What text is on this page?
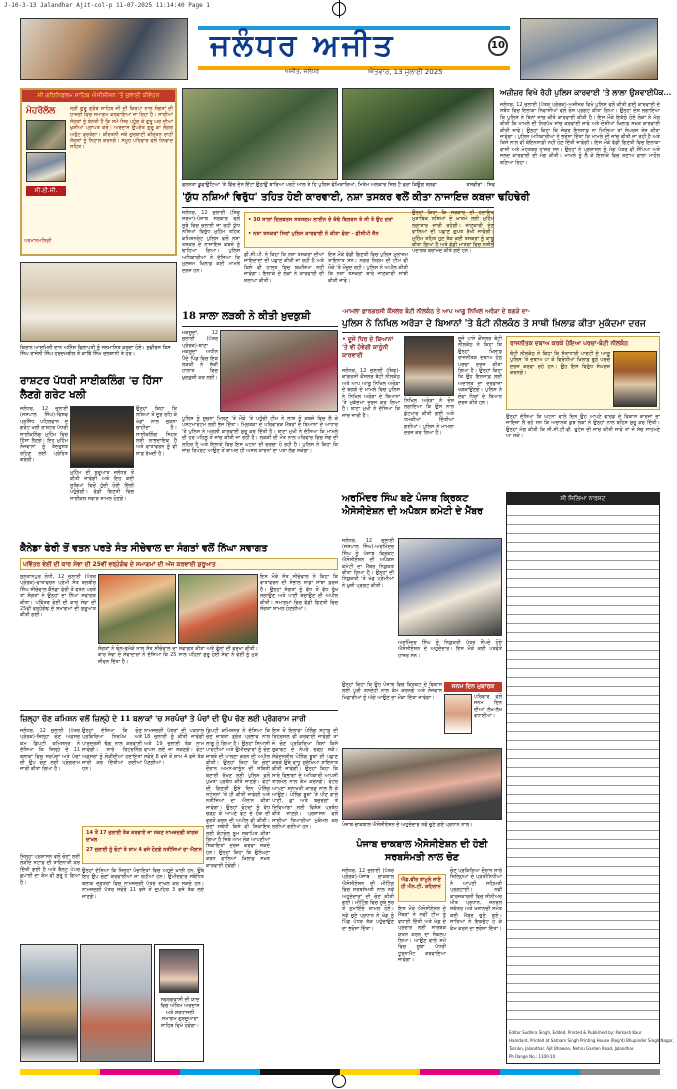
J-10-3-13 Jalandhar Ajit-col-p 11-07-2025 11:14:40 Page 1
ਜਲੰਧਰ ਅਜੀਤ
ਅਜੀਤ, ਜਲੰਧਰ	ਐਤਵਾਰ, 13 ਜੁਲਾਈ 2025
10
ਸੀ ਗਰਿਨਿਫਲਮ ਸਾਹਿਬ ਐਜੀਸੀਜ਼ਨ 'ਤੋਂ ਜੁਲਾਈ ਕੀਵੋਹਨ
ਮੇਹਰੋਲੱਲ
ਸੀ.ਈ.ਸੀ.
ਸ੍ਰੀ ਗੁਰੂ ਗ੍ਰੰਥ ਸਾਹਿਬ ਜੀ ਦੀ ਕਿਰਪਾ ਨਾਲ ਸੰਗਤਾਂ ਦੀ ਹਾਜ਼ਰੀ ਵਿਚ ਸਮਾਗਮ ਕਰਵਾਇਆ ਜਾ ਰਿਹਾ ਹੈ। ਸਾਰੀਆਂ ਸੰਗਤਾਂ ਨੂੰ ਬੇਨਤੀ ਹੈ ਕਿ ਸਮੇਂ ਸਿਰ ਪਹੁੰਚ ਕੇ ਗੁਰੂ ਘਰ ਦੀਆਂ ਖ਼ੁਸ਼ੀਆਂ ਪ੍ਰਾਪਤ ਕਰੋ। ਅਰਦਾਸ ਉਪਰੰਤ ਗੁਰੂ ਕਾ ਲੰਗਰ ਅਤੁੱਟ ਵਰਤੇਗਾ। ਕੀਰਤਨੀ ਜਥੇ ਗੁਰਬਾਣੀ ਕੀਰਤਨ ਰਾਹੀਂ ਸੰਗਤਾਂ ਨੂੰ ਨਿਹਾਲ ਕਰਨਗੇ। ਸਮੂਹ ਪਰਿਵਾਰ ਵਲੋਂ ਧੰਨਵਾਦ ਸਹਿਤ।
ਪਰਮਾਨਮਲਿਗੀ
ਫਲਨਤਾ ਡੂਫਾਉਂਟਿਆਂ 'ਤੇ ਵਿੱਚ ਦੇਨ ਇੱਟਾਂ ਉਠਾਉਂ ਬਾਰਿਆ ਪਰਟੋ ਆਲ ਤੇ ਹਿ ਪੁਲਿਸ ਫੇਮਿਕਾਰਿਆਂ, ਮਿਤੇਮ ਅਲਕਾਰ ਸ਼ਿਲ ਟੈ ਫਰਾ ਕਿਊਗ ਬਲਵਾ	ਤਸਵੀਰਾਂ : ਸ਼ਿਵ
'ਯੁੱਧ ਨਸ਼ਿਆਂ ਵਿਰੁੱਧ' ਤਹਿਤ ਹੋਈ ਕਾਰਵਾਈ, ਨਸ਼ਾ ਤਸਕਰ ਵਲੋਂ ਕੀਤਾ ਨਾਜਾਇਜ਼ ਕਬਜ਼ਾ ਢਹਿਢੇਰੀ
ਜਲੰਧਰ, 12 ਜੁਲਾਈ (ਸ਼ਿਵ ਸ਼ਰਮਾ)-ਪੰਜਾਬ ਸਰਕਾਰ ਵਲੋਂ ਸੂਬੇ ਵਿਚ ਚਲਾਈ ਜਾ ਰਹੀ ਯੁੱਧ ਨਸ਼ਿਆਂ ਵਿਰੁੱਧ ਮੁਹਿੰਮ ਤਹਿਤ ਕਮਿਸ਼ਨਰੇਟ ਪੁਲਿਸ ਵਲੋਂ ਨਸ਼ਾ ਤਸਕਰ ਦੇ ਨਾਜਾਇਜ਼ ਕਬਜ਼ੇ ਨੂੰ ਢਾਹਿਆ ਗਿਆ। ਪੁਲਿਸ ਅਧਿਕਾਰੀਆਂ ਨੇ ਦੱਸਿਆ ਕਿ ਮੁਲਜ਼ਮ ਖ਼ਿਲਾਫ਼ ਕਈ ਮਾਮਲੇ ਦਰਜ ਹਨ।
• 30 ਸਾਲਾਂ ਦਿਲਬਰਸ ਸਤਸਗਮ ਲਾਈਨ ਦੇ ਕੰਢੇ ਬਿਲਰਸ ਤੇ ਸੀ ਤੇ ਉਹ ਦਰਾਂ
• ਨਸ਼ਾ ਤਸਕਰਾਂ ਸਿਰਾਂ ਪੁਲਿਸ ਕਾਰਵਾਈ ਨੇ ਕੀਤਾ ਫੇਰਾ - ਡੀਸੀਪੀ ਜੈਨ
ਡੀ.ਸੀ.ਪੀ. ਨੇ ਕਿਹਾ ਕਿ ਨਸ਼ਾ ਤਸਕਰਾਂ ਦੀਆਂ ਜਾਇਦਾਦਾਂ ਦੀ ਪਛਾਣ ਕੀਤੀ ਜਾ ਰਹੀ ਹੈ ਅਤੇ ਕਿਸੇ ਵੀ ਹਾਲਤ ਵਿਚ ਬਖ਼ਸ਼ਿਆ ਨਹੀਂ ਜਾਵੇਗਾ। ਇਲਾਕੇ ਦੇ ਲੋਕਾਂ ਨੇ ਕਾਰਵਾਈ ਦੀ ਸ਼ਲਾਘਾ ਕੀਤੀ।
ਇਸ ਮੌਕੇ ਵੱਡੀ ਗਿਣਤੀ ਵਿਚ ਪੁਲਿਸ ਮੁਲਾਜ਼ਮ ਤਾਇਨਾਤ ਸਨ। ਨਗਰ ਨਿਗਮ ਦੀ ਟੀਮ ਵੀ ਮੌਕੇ 'ਤੇ ਮੌਜੂਦ ਰਹੀ। ਪੁਲਿਸ ਨੇ ਅਪੀਲ ਕੀਤੀ ਕਿ ਨਸ਼ਾ ਤਸਕਰਾਂ ਬਾਰੇ ਜਾਣਕਾਰੀ ਸਾਂਝੀ ਕੀਤੀ ਜਾਵੇ।
ਉਨ੍ਹਾਂ ਕਿਹਾ ਕਿ ਸਰਕਾਰ ਦੀ ਹਦਾਇਤ ਮੁਤਾਬਿਕ ਨਸ਼ਿਆਂ ਦੇ ਖ਼ਾਤਮੇ ਲਈ ਮੁਹਿੰਮ ਲਗਾਤਾਰ ਜਾਰੀ ਰਹੇਗੀ। ਜਾਣਕਾਰੀ ਦੇਣ ਵਾਲਿਆਂ ਦੀ ਪਛਾਣ ਗੁਪਤ ਰੱਖੀ ਜਾਵੇਗੀ। ਮੁਹਿੰਮ ਤਹਿਤ ਹੁਣ ਤੱਕ ਕਈ ਤਸਕਰਾਂ ਨੂੰ ਕਾਬੂ ਕੀਤਾ ਗਿਆ ਹੈ ਅਤੇ ਵੱਡੀ ਮਾਤਰਾ ਵਿਚ ਨਸ਼ੀਲੇ ਪਦਾਰਥ ਬਰਾਮਦ ਕੀਤੇ ਗਏ ਹਨ।
ਅਜ਼ੀਜ਼ਰ ਵਿਖੇ ਰੋਹੀ ਪੁਲਿਸ ਕਾਰਵਾਈ 'ਤੇ ਲਾਲਾ ਉਸ਼ਵਾਈਪੈਕ...
ਜਲੰਧਰ, 12 ਜੁਲਾਈ (ਪੱਤਰ ਪ੍ਰੇਰਕ)-ਅਜ਼ੀਜ਼ਰ ਵਿਖੇ ਪੁਲਿਸ ਵਲੋਂ ਕੀਤੀ ਗਈ ਕਾਰਵਾਈ ਦੇ ਸਬੰਧ ਵਿਚ ਇਲਾਕਾ ਨਿਵਾਸੀਆਂ ਵਲੋਂ ਰੋਸ ਪ੍ਰਗਟ ਕੀਤਾ ਗਿਆ। ਉਨ੍ਹਾਂ ਦੋਸ਼ ਲਗਾਇਆ ਕਿ ਪੁਲਿਸ ਨੇ ਬਿਨਾਂ ਜਾਂਚ ਕੀਤੇ ਕਾਰਵਾਈ ਕੀਤੀ ਹੈ। ਇਸ ਮੌਕੇ ਇਕੱਠੇ ਹੋਏ ਲੋਕਾਂ ਨੇ ਮੰਗ ਕੀਤੀ ਕਿ ਮਾਮਲੇ ਦੀ ਨਿਰਪੱਖ ਜਾਂਚ ਕਰਵਾਈ ਜਾਵੇ ਅਤੇ ਦੋਸ਼ੀਆਂ ਖ਼ਿਲਾਫ਼ ਸਖ਼ਤ ਕਾਰਵਾਈ ਕੀਤੀ ਜਾਵੇ। ਉਨ੍ਹਾਂ ਕਿਹਾ ਕਿ ਜੇਕਰ ਇਨਸਾਫ਼ ਨਾ ਮਿਲਿਆ ਤਾਂ ਸੰਘਰਸ਼ ਤੇਜ਼ ਕੀਤਾ ਜਾਵੇਗਾ। ਪੁਲਿਸ ਅਧਿਕਾਰੀਆਂ ਨੇ ਭਰੋਸਾ ਦਿੱਤਾ ਕਿ ਮਾਮਲੇ ਦੀ ਜਾਂਚ ਕੀਤੀ ਜਾ ਰਹੀ ਹੈ ਅਤੇ ਕਿਸੇ ਨਾਲ ਵੀ ਬੇਇਨਸਾਫ਼ੀ ਨਹੀਂ ਹੋਣ ਦਿੱਤੀ ਜਾਵੇਗੀ। ਇਸ ਮੌਕੇ ਵੱਡੀ ਗਿਣਤੀ ਵਿਚ ਇਲਾਕਾ ਵਾਸੀ ਅਤੇ ਮੋਹਤਬਰ ਹਾਜ਼ਰ ਸਨ। ਉਨ੍ਹਾਂ ਨੇ ਪ੍ਰਸ਼ਾਸਨ ਨੂੰ ਮੰਗ ਪੱਤਰ ਵੀ ਸੌਂਪਿਆ ਅਤੇ ਜਲਦ ਕਾਰਵਾਈ ਦੀ ਮੰਗ ਕੀਤੀ। ਮਾਮਲੇ ਨੂੰ ਲੈ ਕੇ ਇਲਾਕੇ ਵਿਚ ਤਣਾਅ ਵਾਲਾ ਮਾਹੌਲ ਬਣਿਆ ਰਿਹਾ।
ਕਿਰਾਨ ਆਦਮਿਨੀ ਦਾਨ ਅਨਿੰਸ ਫਿਲਾਪਤੀ ਨੂੰ ਸਨਮਾਨਿਤ ਕਰਦਾ ਹੋਏ। ਸੁਵੀਰਸ ਤਿਸ ਸਿੰਘ ਰਾਜੇਨੀ ਸਿੰਘ ਹਰਦਮਬੀਲ ਤੋਂ ਕਾਬਿੰ ਸਿੰਘ ਦਲਸ਼ਾਨੀ ਤੇ ਹੋਰ।
ਰਾਸ਼ਟਰ ਪੱਧਰੀ ਸਾਈਕਲਿੰਗ 'ਚ ਹਿੱਸਾ ਲੈਣਗੇ ਗਰੇਟ ਖਲੀ
ਜਲੰਧਰ, 12 ਜੁਲਾਈ (ਜਸਪਾਲ ਸਿੰਘ)-ਵਿਸ਼ਵ ਪ੍ਰਸਿੱਧ ਪਹਿਲਵਾਨ ਦ ਗਰੇਟ ਖਲੀ ਰਾਸ਼ਟਰ ਪੱਧਰੀ ਸਾਈਕਲਿੰਗ ਮੁਹਿੰਮ ਵਿਚ ਹਿੱਸਾ ਲੈਣਗੇ। ਇਹ ਮੁਹਿੰਮ ਨੌਜਵਾਨਾਂ ਨੂੰ ਤੰਦਰੁਸਤ ਰਹਿਣ ਲਈ ਪ੍ਰੇਰਿਤ ਕਰੇਗੀ।
ਉਨ੍ਹਾਂ ਕਿਹਾ ਕਿ ਨਸ਼ਿਆਂ ਤੋਂ ਦੂਰ ਰਹਿ ਕੇ ਖੇਡਾਂ ਨਾਲ ਜੁੜਨਾ ਚਾਹੀਦਾ ਹੈ। ਸਾਈਕਲਿੰਗ ਸਿਹਤ ਲਈ ਲਾਭਦਾਇਕ ਹੈ ਅਤੇ ਵਾਤਾਵਰਨ ਨੂੰ ਵੀ ਸਾਫ਼ ਰੱਖਦੀ ਹੈ।
ਮੁਹਿੰਮ ਦੀ ਸ਼ੁਰੂਆਤ ਜਲੰਧਰ ਤੋਂ ਕੀਤੀ ਜਾਵੇਗੀ ਅਤੇ ਇਹ ਕਈ ਸੂਬਿਆਂ ਵਿਚੋਂ ਹੁੰਦੀ ਹੋਈ ਦਿੱਲੀ ਪਹੁੰਚੇਗੀ। ਵੱਡੀ ਗਿਣਤੀ ਵਿਚ ਸਾਈਕਲ ਸਵਾਰ ਸ਼ਾਮਲ ਹੋਣਗੇ।
18 ਸਾਲਾ ਲੜਕੀ ਨੇ ਕੀਤੀ ਖ਼ੁਦਕੁਸ਼ੀ
ਮਕਸੂਦਾਂ, 12 ਜੁਲਾਈ (ਪੱਤਰ ਪ੍ਰੇਰਕ)-ਥਾਣਾ ਮਕਸੂਦਾਂ ਅਧੀਨ ਪੈਂਦੇ ਪਿੰਡ ਵਿਚ ਇਕ ਲੜਕੀ ਨੇ ਸ਼ੱਕੀ ਹਾਲਾਤ ਵਿਚ ਖ਼ੁਦਕੁਸ਼ੀ ਕਰ ਲਈ।
ਪੁਲਿਸ ਨੂੰ ਸੂਚਨਾ ਮਿਲਣ 'ਤੇ ਮੌਕੇ 'ਤੇ ਪਹੁੰਚੀ ਟੀਮ ਨੇ ਲਾਸ਼ ਨੂੰ ਕਬਜ਼ੇ ਵਿਚ ਲੈ ਕੇ ਪੋਸਟਮਾਰਟਮ ਲਈ ਭੇਜ ਦਿੱਤਾ। ਮ੍ਰਿਤਕਾ ਦੇ ਪਰਿਵਾਰਕ ਮੈਂਬਰਾਂ ਦੇ ਬਿਆਨਾਂ ਦੇ ਆਧਾਰ 'ਤੇ ਪੁਲਿਸ ਨੇ ਅਗਲੀ ਕਾਰਵਾਈ ਸ਼ੁਰੂ ਕਰ ਦਿੱਤੀ ਹੈ। ਥਾਣਾ ਮੁਖੀ ਨੇ ਦੱਸਿਆ ਕਿ ਮਾਮਲੇ ਦੀ ਹਰ ਪਹਿਲੂ ਤੋਂ ਜਾਂਚ ਕੀਤੀ ਜਾ ਰਹੀ ਹੈ। ਲੜਕੀ ਦੀ ਮੌਤ ਨਾਲ ਪਰਿਵਾਰ ਵਿਚ ਸੋਗ ਦੀ ਲਹਿਰ ਹੈ ਅਤੇ ਇਲਾਕੇ ਵਿਚ ਇਸ ਘਟਨਾ ਦੀ ਚਰਚਾ ਹੋ ਰਹੀ ਹੈ। ਪੁਲਿਸ ਨੇ ਕਿਹਾ ਕਿ ਜਾਂਚ ਰਿਪੋਰਟ ਆਉਣ ਤੋਂ ਬਾਅਦ ਹੀ ਅਸਲ ਕਾਰਨਾਂ ਦਾ ਪਤਾ ਲੱਗ ਸਕੇਗਾ।
-ਮਾਮਲਾ ਫ਼ਾਰਗਰਸੀ ਕੌਂਸਲਰ ਬੰਟੀ ਨੀਲਕੰਠ ਤੇ ਆਪ ਆਗੂ ਨਿਖਿਲ ਅਰੋੜਾ ਦੇ ਝਗੜੇ ਦਾ-
ਪੁਲਿਸ ਨੇ ਨਿਖਿਲ ਅਰੋੜਾ ਦੇ ਬਿਆਨਾਂ 'ਤੇ ਬੰਟੀ ਨੀਲਕੰਠ ਤੇ ਸਾਥੀ ਖ਼ਿਲਾਫ਼ ਕੀਤਾ ਮੁਕੱਦਮਾ ਦਰਜ
• ਦੂਜੇ ਧਿਰ ਦੇ ਬਿਆਨਾਂ 'ਤੇ ਵੀ ਹੋਵੇਗੀ ਕਾਨੂੰਨੀ ਕਾਰਵਾਈ
ਜਲੰਧਰ, 12 ਜੁਲਾਈ (ਸ਼ਿਵ)-ਕਾਂਗਰਸੀ ਕੌਂਸਲਰ ਬੰਟੀ ਨੀਲਕੰਠ ਅਤੇ ਆਪ ਆਗੂ ਨਿਖਿਲ ਅਰੋੜਾ ਦੇ ਝਗੜੇ ਦੇ ਮਾਮਲੇ ਵਿਚ ਪੁਲਿਸ ਨੇ ਨਿਖਿਲ ਅਰੋੜਾ ਦੇ ਬਿਆਨਾਂ 'ਤੇ ਮੁਕੱਦਮਾ ਦਰਜ ਕਰ ਲਿਆ ਹੈ। ਥਾਣਾ ਮੁਖੀ ਨੇ ਦੱਸਿਆ ਕਿ ਜਾਂਚ ਜਾਰੀ ਹੈ।
ਨਿਖਿਲ ਅਰੋੜਾ ਨੇ ਦੋਸ਼ ਲਗਾਇਆ ਕਿ ਉਸ ਨਾਲ ਕੁੱਟਮਾਰ ਕੀਤੀ ਗਈ ਅਤੇ ਧਮਕੀਆਂ ਦਿੱਤੀਆਂ ਗਈਆਂ। ਪੁਲਿਸ ਨੇ ਮਾਮਲਾ ਦਰਜ ਕਰ ਲਿਆ ਹੈ।
ਦੂਜੇ ਪਾਸੇ ਕੌਂਸਲਰ ਬੰਟੀ ਨੀਲਕੰਠ ਨੇ ਕਿਹਾ ਕਿ ਉਨ੍ਹਾਂ ਖ਼ਿਲਾਫ਼ ਰਾਜਨੀਤਕ ਦਬਾਅ ਹੇਠ ਪਰਚਾ ਦਰਜ ਕੀਤਾ ਗਿਆ ਹੈ। ਉਨ੍ਹਾਂ ਕਿਹਾ ਕਿ ਉਹ ਇਨਸਾਫ਼ ਲਈ ਅਦਾਲਤ ਦਾ ਦਰਵਾਜ਼ਾ ਖੜਕਾਉਣਗੇ। ਪੁਲਿਸ ਨੇ ਦੋਵਾਂ ਧਿਰਾਂ ਦੇ ਬਿਆਨ ਦਰਜ ਕੀਤੇ ਹਨ।
ਰਾਜਨੀਤਕ ਦਬਾਅ ਕਰਕੇ ਹੋਇਆ ਪਰਚਾ-ਬੰਟੀ ਨੀਲਕੰਠ
ਬੰਟੀ ਨੀਲਕੰਠ ਨੇ ਕਿਹਾ ਕਿ ਸੱਤਾਧਾਰੀ ਪਾਰਟੀ ਦੇ ਆਗੂ ਪੁਲਿਸ 'ਤੇ ਦਬਾਅ ਪਾ ਕੇ ਵਿਰੋਧੀਆਂ ਖ਼ਿਲਾਫ਼ ਝੂਠੇ ਪਰਚੇ ਦਰਜ ਕਰਵਾ ਰਹੇ ਹਨ। ਉਹ ਇਸ ਵਿਰੁੱਧ ਸੰਘਰਸ਼ ਕਰਨਗੇ।
ਉਨ੍ਹਾਂ ਦੱਸਿਆ ਕਿ ਘਟਨਾ ਵਾਲੇ ਦਿਨ ਉਹ ਆਪਣੇ ਵਾਰਡ ਦੇ ਵਿਕਾਸ ਕਾਰਜਾਂ ਦਾ ਜਾਇਜ਼ਾ ਲੈ ਰਹੇ ਸਨ ਕਿ ਅਚਾਨਕ ਕੁਝ ਲੋਕਾਂ ਨੇ ਉਨ੍ਹਾਂ ਨਾਲ ਬਹਿਸ ਸ਼ੁਰੂ ਕਰ ਦਿੱਤੀ। ਉਨ੍ਹਾਂ ਮੰਗ ਕੀਤੀ ਕਿ ਸੀ.ਸੀ.ਟੀ.ਵੀ. ਫੁਟੇਜ ਦੀ ਜਾਂਚ ਕੀਤੀ ਜਾਵੇ ਤਾਂ ਜੋ ਸੱਚ ਸਾਹਮਣੇ ਆ ਸਕੇ।
ਅਰਮਿੰਦਰ ਸਿੰਘ ਬਣੇ ਪੰਜਾਬ ਕ੍ਰਿਕਟ ਐਸੋਸੀਏਸ਼ਨ ਦੀ ਅਪੈਕਸ ਕਮੇਟੀ ਦੇ ਮੈਂਬਰ
ਜਲੰਧਰ, 12 ਜੁਲਾਈ (ਜਸਪਾਲ ਸਿੰਘ)-ਅਰਮਿੰਦਰ ਸਿੰਘ ਨੂੰ ਪੰਜਾਬ ਕ੍ਰਿਕਟ ਐਸੋਸੀਏਸ਼ਨ ਦੀ ਅਪੈਕਸ ਕਮੇਟੀ ਦਾ ਮੈਂਬਰ ਨਿਯੁਕਤ ਕੀਤਾ ਗਿਆ ਹੈ। ਉਨ੍ਹਾਂ ਦੀ ਨਿਯੁਕਤੀ 'ਤੇ ਖੇਡ ਪ੍ਰੇਮੀਆਂ ਨੇ ਖ਼ੁਸ਼ੀ ਪ੍ਰਗਟ ਕੀਤੀ।
ਅਰਮਿੰਦਰ ਸਿੰਘ ਨੂੰ ਨਿਯੁਕਤੀ ਪੱਤਰ ਸੌਂਪਦੇ ਹੋਏ ਐਸੋਸੀਏਸ਼ਨ ਦੇ ਅਹੁਦੇਦਾਰ। ਇਸ ਮੌਕੇ ਕਈ ਪਤਵੰਤੇ ਹਾਜ਼ਰ ਸਨ।
ਉਨ੍ਹਾਂ ਕਿਹਾ ਕਿ ਉਹ ਪੰਜਾਬ ਵਿਚ ਕ੍ਰਿਕਟ ਦੇ ਵਿਕਾਸ ਲਈ ਪੂਰੀ ਤਨਦੇਹੀ ਨਾਲ ਕੰਮ ਕਰਨਗੇ ਅਤੇ ਨੌਜਵਾਨ ਖਿਡਾਰੀਆਂ ਨੂੰ ਅੱਗੇ ਆਉਣ ਦਾ ਮੌਕਾ ਦਿੱਤਾ ਜਾਵੇਗਾ।
ਜਨਮ ਦਿਨ ਮੁਬਾਰਕ
ਪਰਿਵਾਰ ਵਲੋਂ ਜਨਮ ਦਿਨ ਦੀਆਂ ਲੱਖ-ਲੱਖ ਵਧਾਈਆਂ।
ਪੰਜਾਬ ਚਾਕਬਾਲ ਐਸੋਸੀਏਸ਼ਨ ਦੇ ਅਹੁਦੇਦਾਰ ਨਵੇਂ ਚੁਣੇ ਗਏ ਪ੍ਰਧਾਨ ਨਾਲ।
ਪੰਜਾਬ ਚਾਕਬਾਲ ਐਸੋਸੀਏਸ਼ਨ ਦੀ ਹੋਈ ਸਰਬਸੰਮਤੀ ਨਾਲ ਚੋਣ
ਜਲੰਧਰ, 12 ਜੁਲਾਈ (ਪੱਤਰ ਪ੍ਰੇਰਕ)-ਪੰਜਾਬ ਚਾਕਬਾਲ ਐਸੋਸੀਏਸ਼ਨ ਦੀ ਮੀਟਿੰਗ ਵਿਚ ਸਰਬਸੰਮਤੀ ਨਾਲ ਨਵੇਂ ਅਹੁਦੇਦਾਰਾਂ ਦੀ ਚੋਣ ਕੀਤੀ ਗਈ। ਮੀਟਿੰਗ ਵਿਚ ਸੂਬੇ ਭਰ ਤੋਂ ਨੁਮਾਇੰਦੇ ਸ਼ਾਮਲ ਹੋਏ। ਨਵੇਂ ਚੁਣੇ ਪ੍ਰਧਾਨ ਨੇ ਖੇਡ ਨੂੰ ਪਿੰਡ ਪੱਧਰ ਤੱਕ ਪਹੁੰਚਾਉਣ ਦਾ ਭਰੋਸਾ ਦਿੱਤਾ।
ਐਡ.ਵੀਰ ਤਾਮੂਲੇ ਜਾਣੇ ਹੀ ਐਨ.ਟੀ. ਸ਼ਹਿਰਾਨ
ਇਸ ਮੌਕੇ ਐਸੋਸੀਏਸ਼ਨ ਦੇ ਮੈਂਬਰਾਂ ਨੇ ਨਵੀਂ ਟੀਮ ਨੂੰ ਵਧਾਈ ਦਿੱਤੀ ਅਤੇ ਖੇਡ ਦੇ ਪ੍ਰਚਾਰ ਲਈ ਸਾਰਥਕ ਯਤਨ ਕਰਨ ਦਾ ਸੰਕਲਪ ਲਿਆ। ਆਉਣ ਵਾਲੇ ਸਮੇਂ ਵਿਚ ਸੂਬਾ ਪੱਧਰੀ ਟੂਰਨਾਮੈਂਟ ਕਰਵਾਇਆ ਜਾਵੇਗਾ।
ਚੋਣ ਪ੍ਰਕਿਰਿਆ ਦੌਰਾਨ ਸਾਰੇ ਜ਼ਿਲ੍ਹਿਆਂ ਦੇ ਪ੍ਰਤੀਨਿਧੀਆਂ ਨੇ ਆਪਣੀ ਸਹਿਮਤੀ ਪ੍ਰਗਟਾਈ। ਨਵੀਂ ਕਾਰਜਕਾਰਨੀ ਵਿਚ ਸੀਨੀਅਰ ਮੀਤ ਪ੍ਰਧਾਨ, ਜਨਰਲ ਸਕੱਤਰ ਅਤੇ ਖ਼ਜ਼ਾਨਚੀ ਸਮੇਤ ਕਈ ਮੈਂਬਰ ਚੁਣੇ ਗਏ। ਸਾਰਿਆਂ ਨੇ ਇਕਜੁੱਟ ਹੋ ਕੇ ਕੰਮ ਕਰਨ ਦਾ ਭਰੋਸਾ ਦਿੱਤਾ।
ਸੀ ਜਿਲ਼ਿਆ ਨਾਰਸਟ
Editor Sudhira Singh, Edited, Printed & Published by: Parkash Kaur
Hamdard, Printed at Satnam Singh Printing House (Reg'd) Bhupinder Singh Nagar,
Tulsian, Jalandhar. Ajit Bhawan, Nehru Garden Road, Jalandhar.
Ph Range No.: 1100-10
ਕੈਨੇਡਾ ਫੇਰੀ ਤੋਂ ਵਤਨ ਪਰਤੇ ਸੰਤ ਸੀਚੇਵਾਲ ਦਾ ਸੰਗਤਾਂ ਵਲੋਂ ਨਿੱਘਾ ਸਵਾਗਤ
ਪਵਿੱਤਰ ਵੇਈਂ ਦੀ ਕਾਰ ਸੇਵਾ ਦੀ 25ਵੀਂ ਵਰ੍ਹੇਗੰਢ ਦੇ ਸਮਾਗਮਾਂ ਦੀ ਅੱਜ ਕਰਵਾਈ ਸ਼ੁਰੂਆਤ
ਸੁਲਤਾਨਪੁਰ ਲੋਧੀ, 12 ਜੁਲਾਈ (ਪੱਤਰ ਪ੍ਰੇਰਕ)-ਵਾਤਾਵਰਨ ਪ੍ਰੇਮੀ ਸੰਤ ਬਲਬੀਰ ਸਿੰਘ ਸੀਚੇਵਾਲ ਕੈਨੇਡਾ ਫੇਰੀ ਤੋਂ ਵਤਨ ਪਰਤੇ ਤਾਂ ਸੰਗਤਾਂ ਨੇ ਉਨ੍ਹਾਂ ਦਾ ਨਿੱਘਾ ਸਵਾਗਤ ਕੀਤਾ। ਪਵਿੱਤਰ ਵੇਈਂ ਦੀ ਕਾਰ ਸੇਵਾ ਦੀ 25ਵੀਂ ਵਰ੍ਹੇਗੰਢ ਦੇ ਸਮਾਗਮਾਂ ਦੀ ਸ਼ੁਰੂਆਤ ਕੀਤੀ ਗਈ।
ਇਸ ਮੌਕੇ ਸੰਤ ਸੀਚੇਵਾਲ ਨੇ ਕਿਹਾ ਕਿ ਵਾਤਾਵਰਨ ਦੀ ਸੰਭਾਲ ਸਾਡਾ ਸਾਂਝਾ ਫ਼ਰਜ਼ ਹੈ। ਉਨ੍ਹਾਂ ਸੰਗਤਾਂ ਨੂੰ ਵੱਧ ਤੋਂ ਵੱਧ ਰੁੱਖ ਲਗਾਉਣ ਅਤੇ ਪਾਣੀ ਬਚਾਉਣ ਦੀ ਅਪੀਲ ਕੀਤੀ। ਸਮਾਗਮਾਂ ਵਿਚ ਵੱਡੀ ਗਿਣਤੀ ਵਿਚ ਸੰਗਤਾਂ ਸ਼ਾਮਲ ਹੋਣਗੀਆਂ।
ਸੰਗਤਾਂ ਨੇ ਢੋਲ-ਢਮੱਕੇ ਨਾਲ ਸੰਤ ਸੀਚੇਵਾਲ ਦਾ ਸਵਾਗਤ ਕੀਤਾ ਅਤੇ ਫੁੱਲਾਂ ਦੀ ਵਰਖਾ ਕੀਤੀ। ਕਾਰ ਸੇਵਾ ਦੇ ਸੇਵਾਦਾਰਾਂ ਨੇ ਦੱਸਿਆ ਕਿ 25 ਸਾਲ ਪਹਿਲਾਂ ਸ਼ੁਰੂ ਹੋਈ ਸੇਵਾ ਨੇ ਵੇਈਂ ਨੂੰ ਮੁੜ ਜੀਵਨ ਦਿੱਤਾ ਹੈ।
ਜ਼ਿਲ੍ਹਾ ਚੋਣ ਕਮਿਸ਼ਨ ਵਲੋਂ ਜ਼ਿਲ੍ਹੇ ਦੇ 11 ਬਲਾਕਾਂ 'ਚ ਸਰਪੰਚਾਂ ਤੇ ਪੰਚਾਂ ਦੀ ਉਪ ਚੋਣ ਲਈ ਪ੍ਰੋਗਰਾਮ ਜਾਰੀ
ਜਲੰਧਰ, 12 ਜੁਲਾਈ (ਪੱਤਰ ਪ੍ਰੇਰਕ)-ਜ਼ਿਲ੍ਹਾ ਚੋਣ ਅਫ਼ਸਰ ਕਮ ਡਿਪਟੀ ਕਮਿਸ਼ਨਰ ਨੇ ਦੱਸਿਆ ਕਿ ਜ਼ਿਲ੍ਹੇ ਦੇ 11 ਬਲਾਕਾਂ ਵਿਚ ਸਰਪੰਚਾਂ ਅਤੇ ਪੰਚਾਂ ਦੀ ਉਪ ਚੋਣ ਲਈ ਪ੍ਰੋਗਰਾਮ ਜਾਰੀ ਕੀਤਾ ਗਿਆ ਹੈ।
ਉਨ੍ਹਾਂ ਦੱਸਿਆ ਕਿ ਚੋਣ ਪ੍ਰਕਿਰਿਆ ਨਿਰਪੱਖ ਅਤੇ ਪਾਰਦਰਸ਼ੀ ਢੰਗ ਨਾਲ ਕਰਵਾਈ ਜਾਵੇਗੀ। ਸਾਰੇ ਰਿਟਰਨਿੰਗ ਅਫ਼ਸਰਾਂ ਨੂੰ ਲੋੜੀਂਦੀਆਂ ਹਦਾਇਤਾਂ ਜਾਰੀ ਕਰ ਦਿੱਤੀਆਂ ਗਈਆਂ ਹਨ।
ਨਾਮਜ਼ਦਗੀ ਪੱਤਰਾਂ ਦੀ ਪੜਤਾਲ 18 ਜੁਲਾਈ ਨੂੰ ਕੀਤੀ ਜਾਵੇਗੀ ਅਤੇ 19 ਜੁਲਾਈ ਤੱਕ ਨਾਮ ਵਾਪਸ ਲਏ ਜਾ ਸਕਣਗੇ। ਵੋਟਾਂ ਸਵੇਰੇ 8 ਵਜੇ ਤੋਂ ਸ਼ਾਮ 4 ਵਜੇ ਤੱਕ ਪੈਣਗੀਆਂ।
ਡਿਪਟੀ ਕਮਿਸ਼ਨਰ ਨੇ ਦੱਸਿਆ ਕਿ ਚੋਣ ਜ਼ਾਬਤਾ ਤੁਰੰਤ ਪ੍ਰਭਾਵ ਨਾਲ ਲਾਗੂ ਹੋ ਗਿਆ ਹੈ। ਉਨ੍ਹਾਂ ਸਿਆਸੀ ਪਾਰਟੀਆਂ ਅਤੇ ਉਮੀਦਵਾਰਾਂ ਨੂੰ ਚੋਣ ਜ਼ਾਬਤੇ ਦੀ ਪਾਲਣਾ ਕਰਨ ਦੀ ਅਪੀਲ ਕੀਤੀ। ਉਨ੍ਹਾਂ ਕਿਹਾ ਕਿ ਚੋਣਾਂ ਦੌਰਾਨ ਅਮਨ-ਕਾਨੂੰਨ ਦੀ ਸਥਿਤੀ ਬਣਾਈ ਰੱਖਣ ਲਈ ਪੁਲਿਸ ਵਲੋਂ ਪੁਖ਼ਤਾ ਪ੍ਰਬੰਧ ਕੀਤੇ ਜਾਣਗੇ। ਵੋਟਾਂ ਦੀ ਗਿਣਤੀ ਉਸੇ ਦਿਨ ਪੋਲਿੰਗ ਸਟੇਸ਼ਨਾਂ 'ਤੇ ਹੀ ਕੀਤੀ ਜਾਵੇਗੀ ਅਤੇ ਨਤੀਜਿਆਂ ਦਾ ਐਲਾਨ ਕੀਤਾ ਜਾਵੇਗਾ। ਉਨ੍ਹਾਂ ਵੋਟਰਾਂ ਨੂੰ ਵੱਧ ਚੜ੍ਹ ਕੇ ਆਪਣੇ ਵੋਟ ਦੇ ਹੱਕ ਦੀ ਵਰਤੋਂ ਕਰਨ ਦੀ ਅਪੀਲ ਵੀ ਕੀਤੀ। ਚੋਣਾਂ ਸਬੰਧੀ ਕਿਸੇ ਵੀ ਸ਼ਿਕਾਇਤ ਲਈ ਕੰਟਰੋਲ ਰੂਮ ਸਥਾਪਿਤ ਕੀਤਾ ਗਿਆ ਹੈ ਜਿਥੇ ਆਮ ਲੋਕ ਆਪਣੀਆਂ ਸ਼ਿਕਾਇਤਾਂ ਦਰਜ ਕਰਵਾ ਸਕਦੇ ਹਨ। ਉਨ੍ਹਾਂ ਕਿਹਾ ਕਿ ਉਲੰਘਣਾ ਕਰਨ ਵਾਲਿਆਂ ਖ਼ਿਲਾਫ਼ ਸਖ਼ਤ ਕਾਰਵਾਈ ਹੋਵੇਗੀ।
ਇਸ ਤੋਂ ਇਲਾਵਾ ਪੋਲਿੰਗ ਸਟਾਫ਼ ਦੀ ਰਿਹਰਸਲ ਵੀ ਕਰਵਾਈ ਜਾਵੇਗੀ ਤਾਂ ਜੋ ਚੋਣ ਪ੍ਰਕਿਰਿਆ ਬਿਨਾਂ ਕਿਸੇ ਰੁਕਾਵਟ ਦੇ ਨੇਪਰੇ ਚੜ੍ਹ ਸਕੇ। ਸੰਵੇਦਨਸ਼ੀਲ ਪੋਲਿੰਗ ਬੂਥਾਂ ਦੀ ਪਛਾਣ ਕਰਕੇ ਉਥੇ ਵਾਧੂ ਸੁਰੱਖਿਆ ਤਾਇਨਾਤ ਕੀਤੀ ਜਾਵੇਗੀ। ਉਨ੍ਹਾਂ ਕਿਹਾ ਕਿ ਸਾਰੇ ਵਿਭਾਗਾਂ ਦੇ ਅਧਿਕਾਰੀ ਆਪਸੀ ਤਾਲਮੇਲ ਨਾਲ ਕੰਮ ਕਰਨਗੇ। ਵੋਟਰ ਆਪਣਾ ਸ਼ਨਾਖ਼ਤੀ ਕਾਰਡ ਨਾਲ ਲੈ ਕੇ ਆਉਣ। ਪੋਲਿੰਗ ਬੂਥਾਂ 'ਤੇ ਪੀਣ ਵਾਲੇ ਪਾਣੀ, ਛਾਂ ਅਤੇ ਬਜ਼ੁਰਗਾਂ ਤੇ ਦਿਵਿਆਂਗਾਂ ਲਈ ਵਿਸ਼ੇਸ਼ ਪ੍ਰਬੰਧ ਕੀਤੇ ਜਾਣਗੇ। ਪ੍ਰਸ਼ਾਸਨ ਵਲੋਂ ਸਾਰੀਆਂ ਤਿਆਰੀਆਂ ਮੁਕੰਮਲ ਕਰ ਲਈਆਂ ਗਈਆਂ ਹਨ।
14 ਤੋਂ 17 ਜੁਲਾਈ ਤੱਕ ਕਰਵਾਏ ਜਾ ਸਕਣ ਨਾਮਜ਼ਦਗੀ ਕਾਗਜ਼ ਦਾਖ਼ਲ
27 ਜੁਲਾਈ ਨੂੰ ਵੋਟਾਂ ਤੇ ਸ਼ਾਮ 4 ਵਜੇ ਹੋਣਗੇ ਨਤੀਜਿਆਂ ਦਾ ਐਲਾਨ
ਜ਼ਿਲ੍ਹਾ ਪ੍ਰਸ਼ਾਸਨ ਵਲੋਂ ਚੋਣਾਂ ਲਈ ਲੋੜੀਂਦੇ ਸਟਾਫ਼ ਦੀ ਤਾਇਨਾਤੀ ਕਰ ਦਿੱਤੀ ਗਈ ਹੈ ਅਤੇ ਬੈਲਟ ਪੇਪਰ ਛਪਾਈ ਦਾ ਕੰਮ ਵੀ ਸ਼ੁਰੂ ਹੋ ਗਿਆ ਹੈ।
ਉਨ੍ਹਾਂ ਦੱਸਿਆ ਕਿ ਜਿਨ੍ਹਾਂ ਪੰਚਾਇਤਾਂ ਵਿਚ ਅਹੁਦੇ ਖ਼ਾਲੀ ਹਨ, ਉਥੇ ਇਹ ਉਪ ਚੋਣਾਂ ਕਰਵਾਈਆਂ ਜਾ ਰਹੀਆਂ ਹਨ। ਉਮੀਦਵਾਰ ਸਬੰਧਿਤ ਬਲਾਕ ਦਫ਼ਤਰਾਂ ਵਿਚ ਨਾਮਜ਼ਦਗੀ ਪੱਤਰ ਦਾਖ਼ਲ ਕਰ ਸਕਦੇ ਹਨ। ਨਾਮਜ਼ਦਗੀ ਪੱਤਰ ਸਵੇਰੇ 11 ਵਜੇ ਤੋਂ ਦੁਪਹਿਰ 3 ਵਜੇ ਤੱਕ ਲਏ ਜਾਣਗੇ।
ਸਵਰਗਵਾਸੀ ਦੀ ਯਾਦ ਵਿਚ ਅੰਤਿਮ ਅਰਦਾਸ ਅਤੇ ਸ਼ਰਧਾਂਜਲੀ ਸਮਾਗਮ ਗੁਰਦੁਆਰਾ ਸਾਹਿਬ ਵਿਖੇ ਹੋਵੇਗਾ।
